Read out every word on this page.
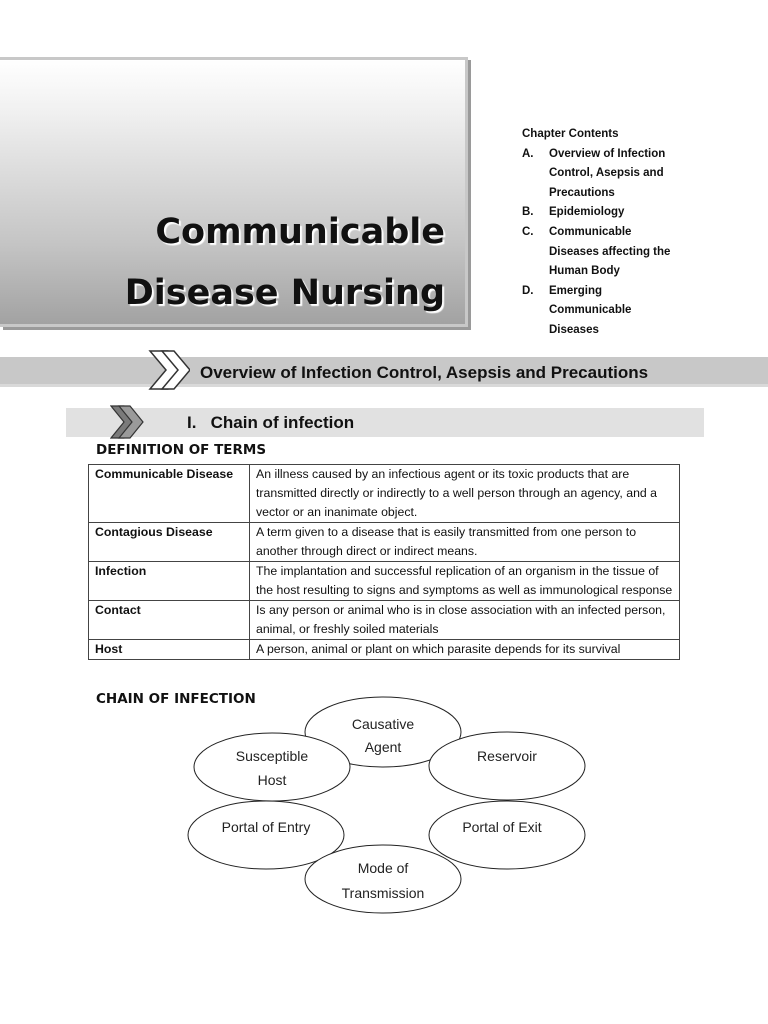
Communicable
Disease Nursing
Chapter Contents
A.	Overview of Infection Control, Asepsis and Precautions
B.	Epidemiology
C.	Communicable Diseases affecting the Human Body
D.	Emerging Communicable Diseases
Overview of Infection Control, Asepsis and Precautions
I.   Chain of infection
DEFINITION OF TERMS
Communicable Disease	An illness caused by an infectious agent or its toxic products that are transmitted directly or indirectly to a well person through an agency, and a vector or an inanimate object.
Contagious Disease	A term given to a disease that is easily transmitted from one person to another through direct or indirect means.
Infection	The implantation and successful replication of an organism in the tissue of the host resulting to signs and symptoms as well as immunological response
Contact	Is any person or animal who is in close association with an infected person, animal, or freshly soiled materials
Host	A person, animal or plant on which parasite depends for its survival
CHAIN OF INFECTION
Causative
Agent
Reservoir
Susceptible
Host
Portal of Entry	Portal of Exit
Mode of
Transmission
